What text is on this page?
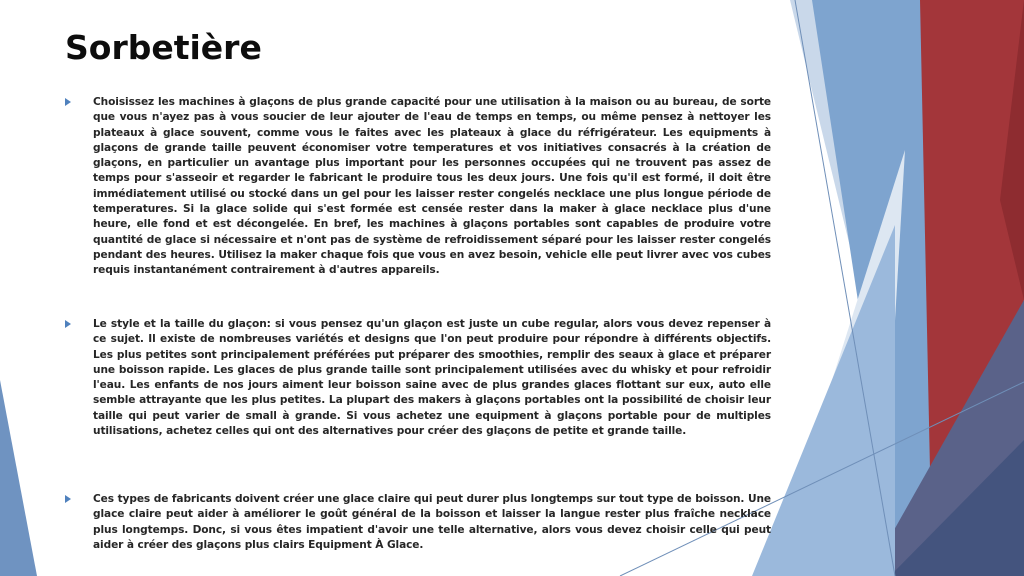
Sorbetière

Choisissez les machines à glaçons de plus grande capacité pour une utilisation à la maison ou au bureau, de sorte que vous n'ayez pas à vous soucier de leur ajouter de l'eau de temps en temps, ou même pensez à nettoyer les plateaux à glace souvent, comme vous le faites avec les plateaux à glace du réfrigérateur. Les equipments à glaçons de grande taille peuvent économiser votre temperatures et vos initiatives consacrés à la création de glaçons, en particulier un avantage plus important pour les personnes occupées qui ne trouvent pas assez de temps pour s'asseoir et regarder le fabricant le produire tous les deux jours. Une fois qu'il est formé, il doit être immédiatement utilisé ou stocké dans un gel pour les laisser rester congelés necklace une plus longue période de temperatures. Si la glace solide qui s'est formée est censée rester dans la maker à glace necklace plus d'une heure, elle fond et est décongelée. En bref, les machines à glaçons portables sont capables de produire votre quantité de glace si nécessaire et n'ont pas de système de refroidissement séparé pour les laisser rester congelés pendant des heures. Utilisez la maker chaque fois que vous en avez besoin, vehicle elle peut livrer avec vos cubes requis instantanément contrairement à d'autres appareils.

Le style et la taille du glaçon: si vous pensez qu'un glaçon est juste un cube regular, alors vous devez repenser à ce sujet. Il existe de nombreuses variétés et designs que l'on peut produire pour répondre à différents objectifs. Les plus petites sont principalement préférées put préparer des smoothies, remplir des seaux à glace et préparer une boisson rapide. Les glaces de plus grande taille sont principalement utilisées avec du whisky et pour refroidir l'eau. Les enfants de nos jours aiment leur boisson saine avec de plus grandes glaces flottant sur eux, auto elle semble attrayante que les plus petites. La plupart des makers à glaçons portables ont la possibilité de choisir leur taille qui peut varier de small à grande. Si vous achetez une equipment à glaçons portable pour de multiples utilisations, achetez celles qui ont des alternatives pour créer des glaçons de petite et grande taille.

Ces types de fabricants doivent créer une glace claire qui peut durer plus longtemps sur tout type de boisson. Une glace claire peut aider à améliorer le goût général de la boisson et laisser la langue rester plus fraîche necklace plus longtemps. Donc, si vous êtes impatient d'avoir une telle alternative, alors vous devez choisir celle qui peut aider à créer des glaçons plus clairs Equipment À Glace.
